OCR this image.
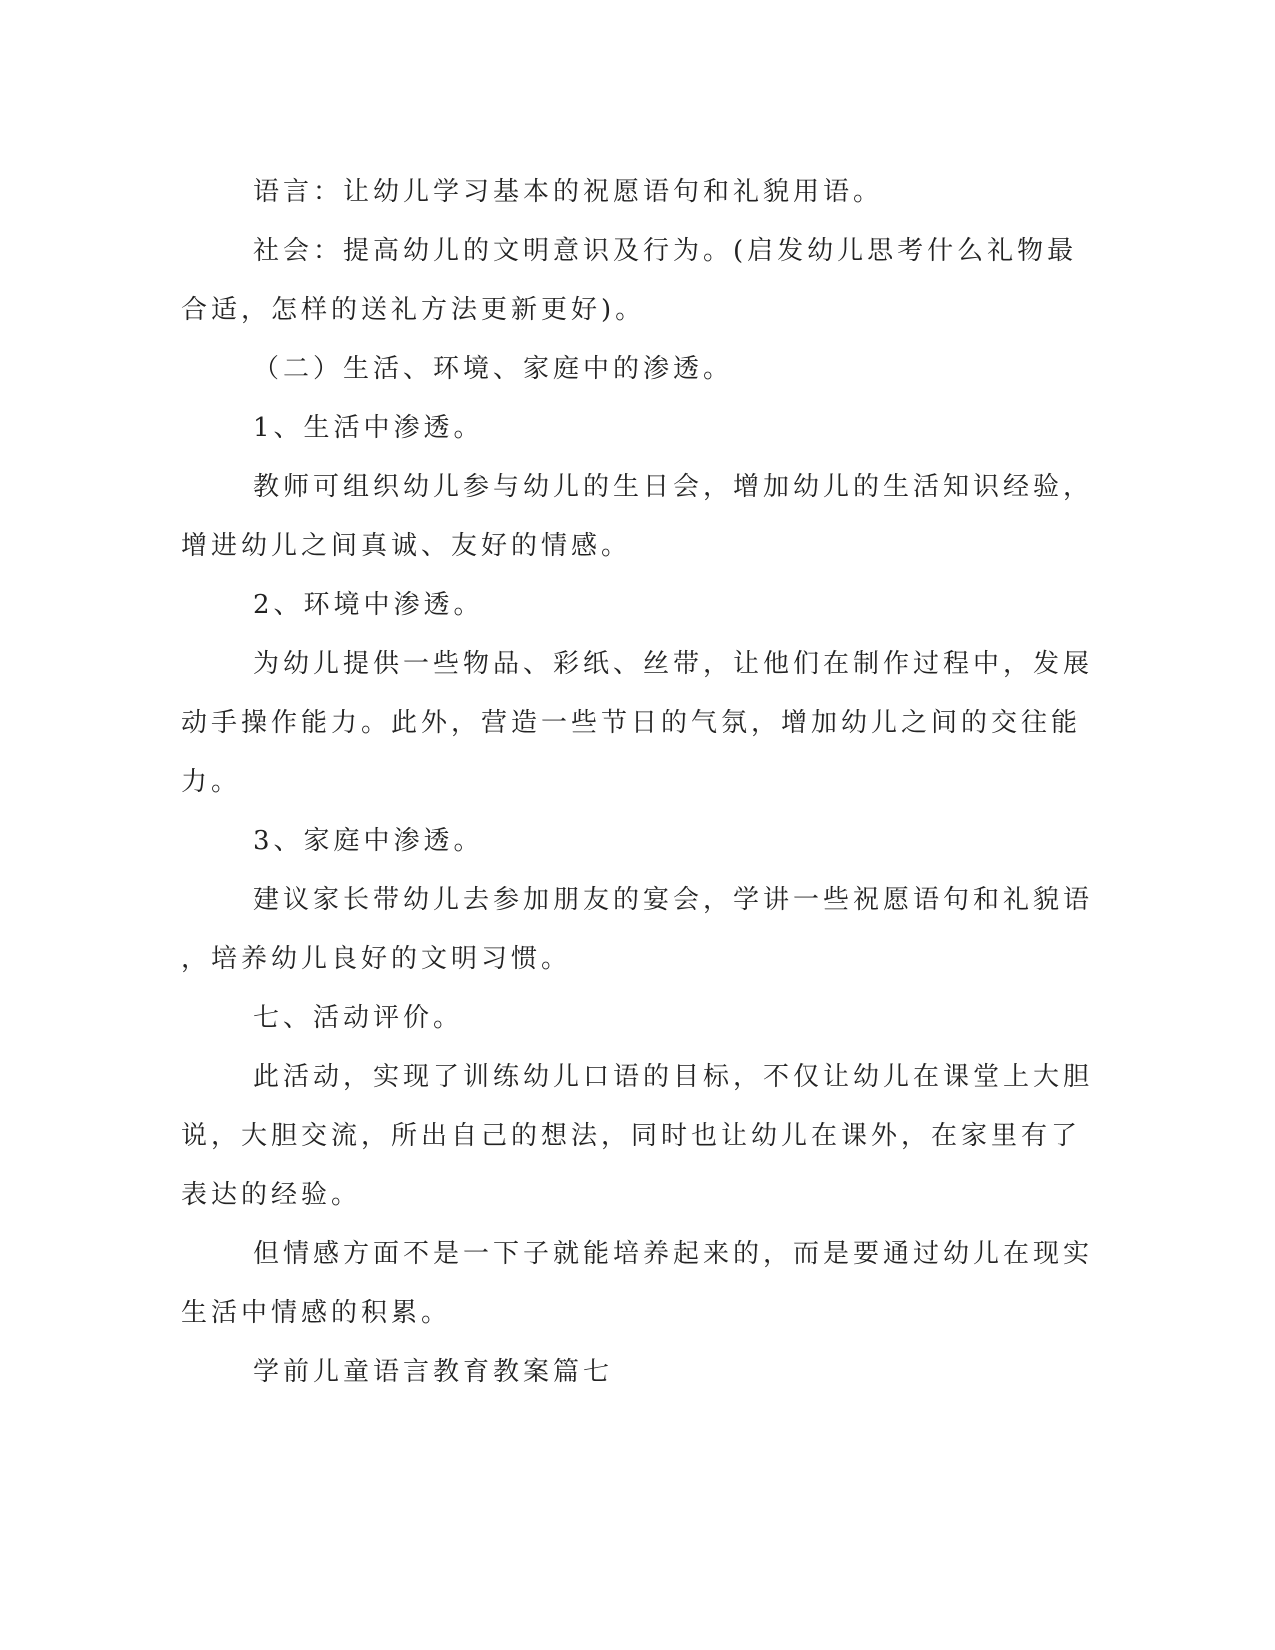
语言：让幼儿学习基本的祝愿语句和礼貌用语。
社会：提高幼儿的文明意识及行为。(启发幼儿思考什么礼物最
合适，怎样的送礼方法更新更好)。
（二）生活、环境、家庭中的渗透。
1、生活中渗透。
教师可组织幼儿参与幼儿的生日会，增加幼儿的生活知识经验，
增进幼儿之间真诚、友好的情感。
2、环境中渗透。
为幼儿提供一些物品、彩纸、丝带，让他们在制作过程中，发展
动手操作能力。此外，营造一些节日的气氛，增加幼儿之间的交往能
力。
3、家庭中渗透。
建议家长带幼儿去参加朋友的宴会，学讲一些祝愿语句和礼貌语
，培养幼儿良好的文明习惯。
七、活动评价。
此活动，实现了训练幼儿口语的目标，不仅让幼儿在课堂上大胆
说，大胆交流，所出自己的想法，同时也让幼儿在课外，在家里有了
表达的经验。
但情感方面不是一下子就能培养起来的，而是要通过幼儿在现实
生活中情感的积累。
学前儿童语言教育教案篇七
